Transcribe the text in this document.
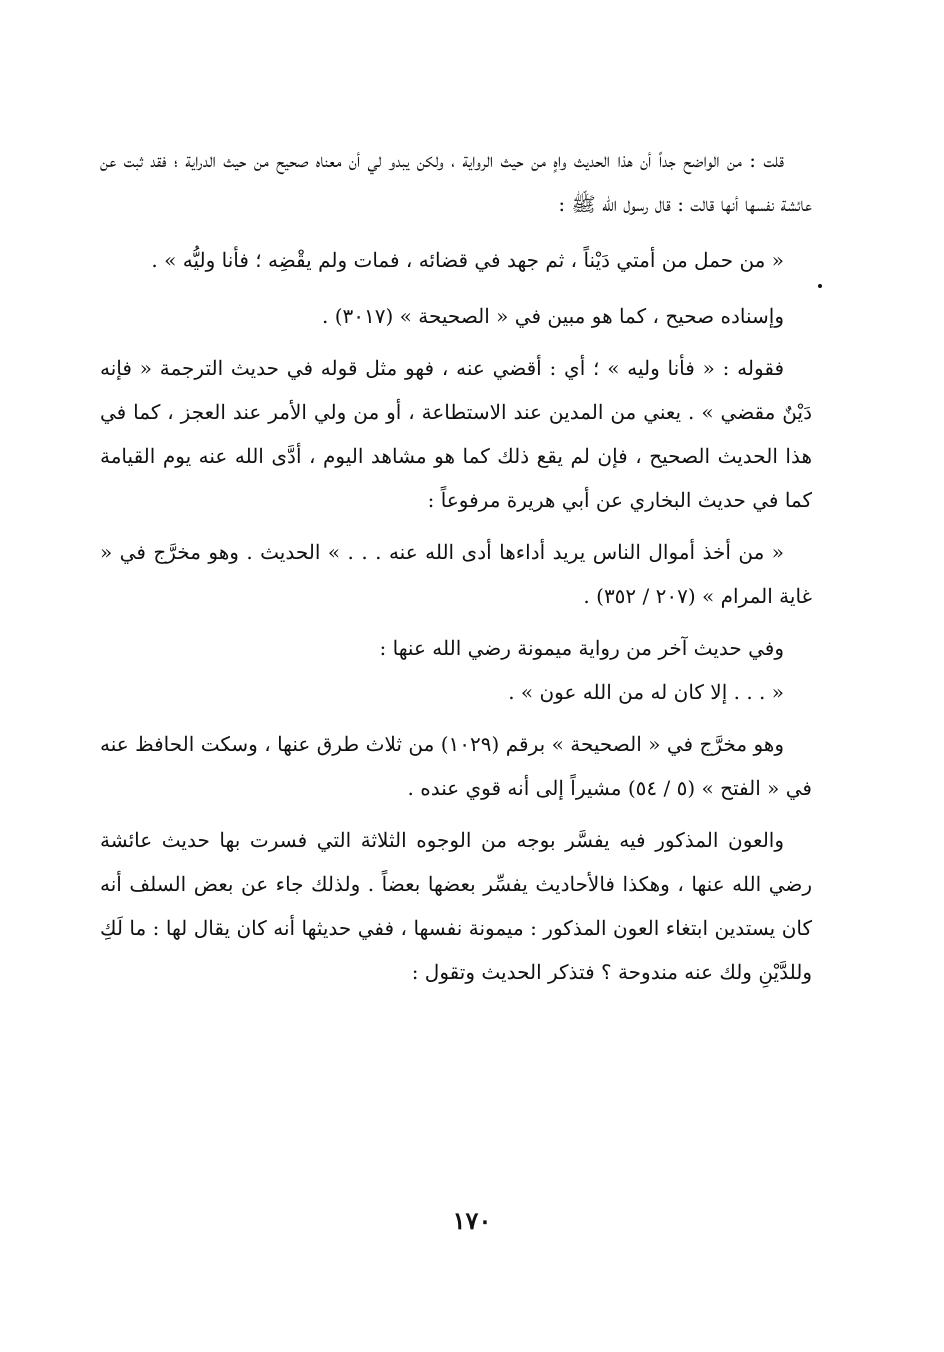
قلت : من الواضح جداً أن هذا الحديث واهٍ من حيث الرواية ، ولكن يبدو لي أن معناه صحيح من حيث الدراية ؛ فقد ثبت عن عائشة نفسها أنها قالت : قال رسول الله ﷺ :

« من حمل من أمتي دَيْناً ، ثم جهد في قضائه ، فمات ولم يقْضِه ؛ فأنا وليُّه » .

وإسناده صحيح ، كما هو مبين في « الصحيحة » (٣٠١٧) .

فقوله : « فأنا وليه » ؛ أي : أقضي عنه ، فهو مثل قوله في حديث الترجمة « فإنه دَيْنٌ مقضي » . يعني من المدين عند الاستطاعة ، أو من ولي الأمر عند العجز ، كما في هذا الحديث الصحيح ، فإن لم يقع ذلك كما هو مشاهد اليوم ، أدَّى الله عنه يوم القيامة كما في حديث البخاري عن أبي هريرة مرفوعاً :

« من أخذ أموال الناس يريد أداءها أدى الله عنه . . . » الحديث . وهو مخرَّج في « غاية المرام » (٢٠٧ / ٣٥٢) .

وفي حديث آخر من رواية ميمونة رضي الله عنها :

« . . . إلا كان له من الله عون » .

وهو مخرَّج في « الصحيحة » برقم (١٠٢٩) من ثلاث طرق عنها ، وسكت الحافظ عنه في « الفتح » (٥ / ٥٤) مشيراً إلى أنه قوي عنده .

والعون المذكور فيه يفسَّر بوجه من الوجوه الثلاثة التي فسرت بها حديث عائشة رضي الله عنها ، وهكذا فالأحاديث يفسِّر بعضها بعضاً . ولذلك جاء عن بعض السلف أنه كان يستدين ابتغاء العون المذكور : ميمونة نفسها ، ففي حديثها أنه كان يقال لها : ما لَكِ وللدَّيْنِ ولك عنه مندوحة ؟ فتذكر الحديث وتقول :

١٧٠
